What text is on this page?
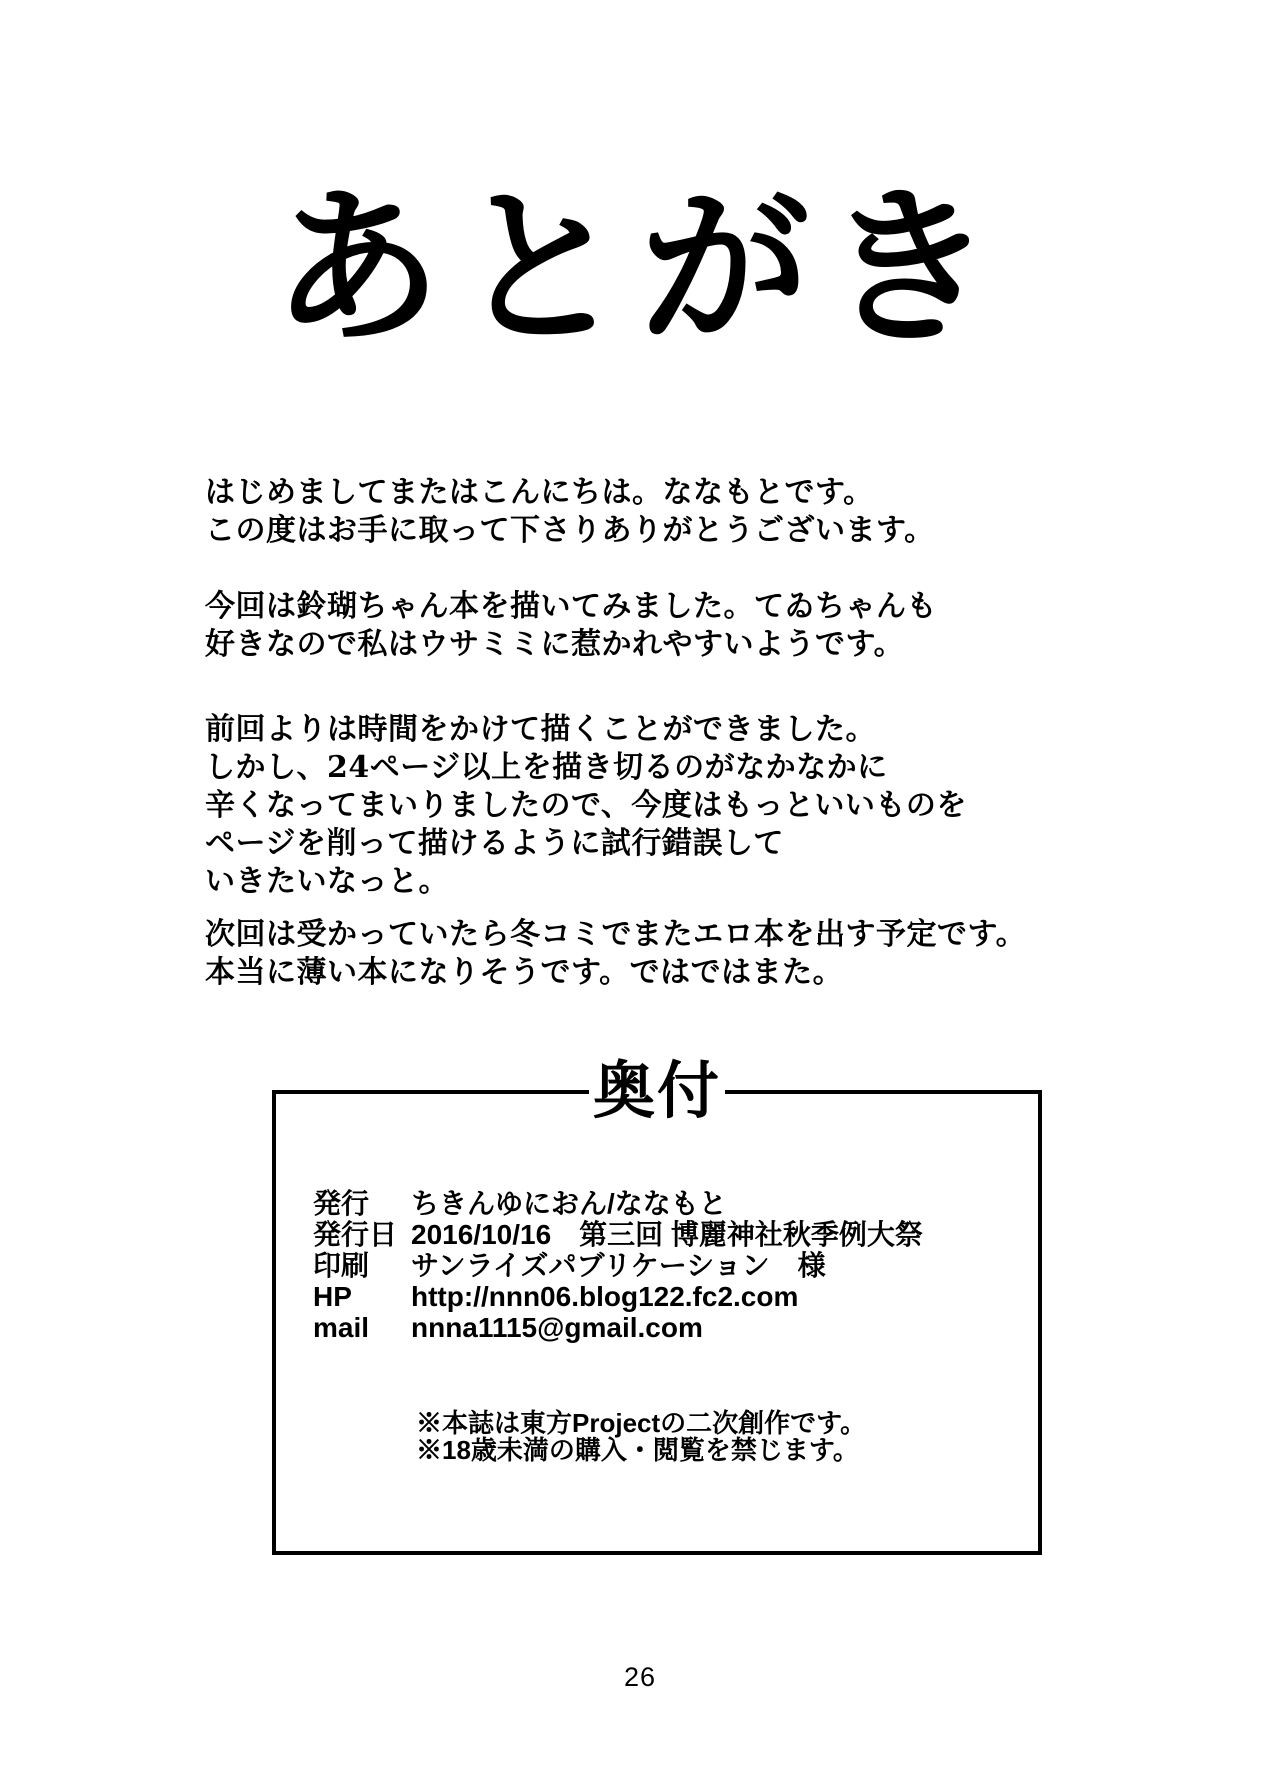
あとがき
はじめましてまたはこんにちは。ななもとです。
この度はお手に取って下さりありがとうございます。
今回は鈴瑚ちゃん本を描いてみました。てゐちゃんも
好きなので私はウサミミに惹かれやすいようです。
前回よりは時間をかけて描くことができました。
しかし、24ページ以上を描き切るのがなかなかに
辛くなってまいりましたので、今度はもっといいものを
ページを削って描けるように試行錯誤して
いきたいなっと。
次回は受かっていたら冬コミでまたエロ本を出す予定です。
本当に薄い本になりそうです。ではではまた。
奥付
発行	ちきんゆにおん/ななもと
発行日 2016/10/16　第三回 博麗神社秋季例大祭
印刷	サンライズパブリケーション　様
HP	http://nnn06.blog122.fc2.com
mail	nnna1115@gmail.com
※本誌は東方Projectの二次創作です。
※18歳未満の購入・閲覧を禁じます。
26
